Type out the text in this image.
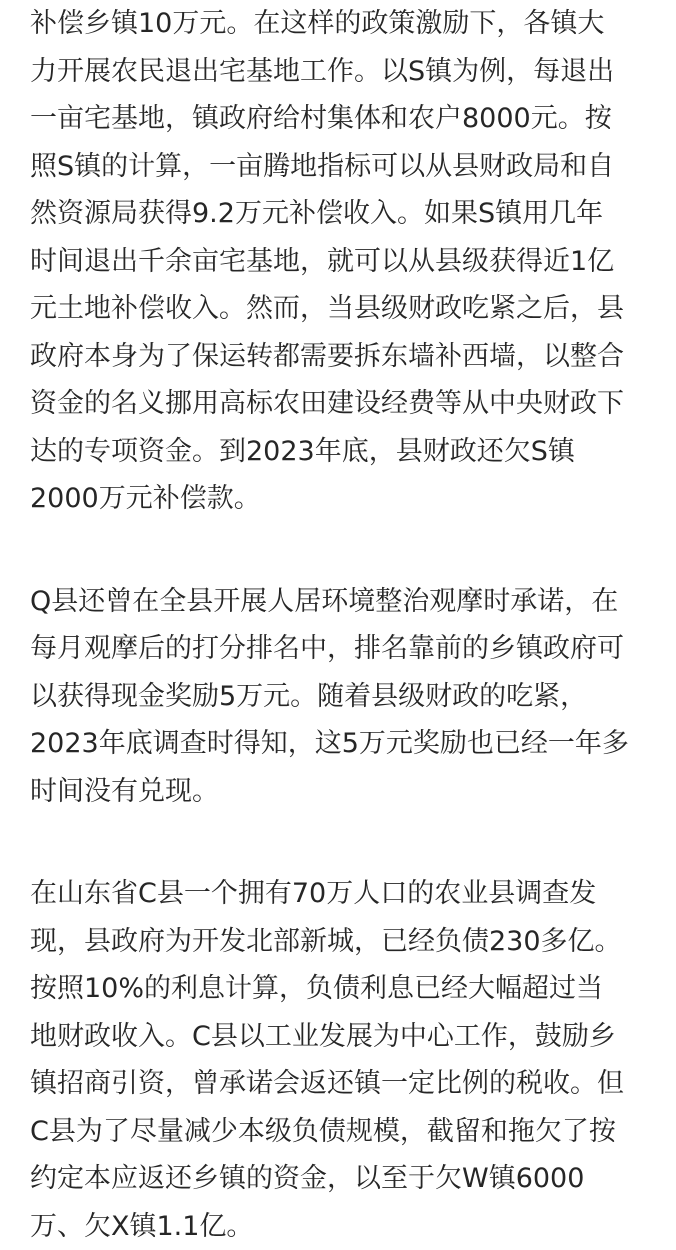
补偿乡镇10万元。在这样的政策激励下，各镇大
力开展农民退出宅基地工作。以S镇为例，每退出
一亩宅基地，镇政府给村集体和农户8000元。按
照S镇的计算，一亩腾地指标可以从县财政局和自
然资源局获得9.2万元补偿收入。如果S镇用几年
时间退出千余亩宅基地，就可以从县级获得近1亿
元土地补偿收入。然而，当县级财政吃紧之后，县
政府本身为了保运转都需要拆东墙补西墙，以整合
资金的名义挪用高标农田建设经费等从中央财政下
达的专项资金。到2023年底，县财政还欠S镇
2000万元补偿款。
Q县还曾在全县开展人居环境整治观摩时承诺，在
每月观摩后的打分排名中，排名靠前的乡镇政府可
以获得现金奖励5万元。随着县级财政的吃紧，
2023年底调查时得知，这5万元奖励也已经一年多
时间没有兑现。
在山东省C县一个拥有70万人口的农业县调查发
现，县政府为开发北部新城，已经负债230多亿。
按照10%的利息计算，负债利息已经大幅超过当
地财政收入。C县以工业发展为中心工作，鼓励乡
镇招商引资，曾承诺会返还镇一定比例的税收。但
C县为了尽量减少本级负债规模，截留和拖欠了按
约定本应返还乡镇的资金，以至于欠W镇6000
万、欠X镇1.1亿。
